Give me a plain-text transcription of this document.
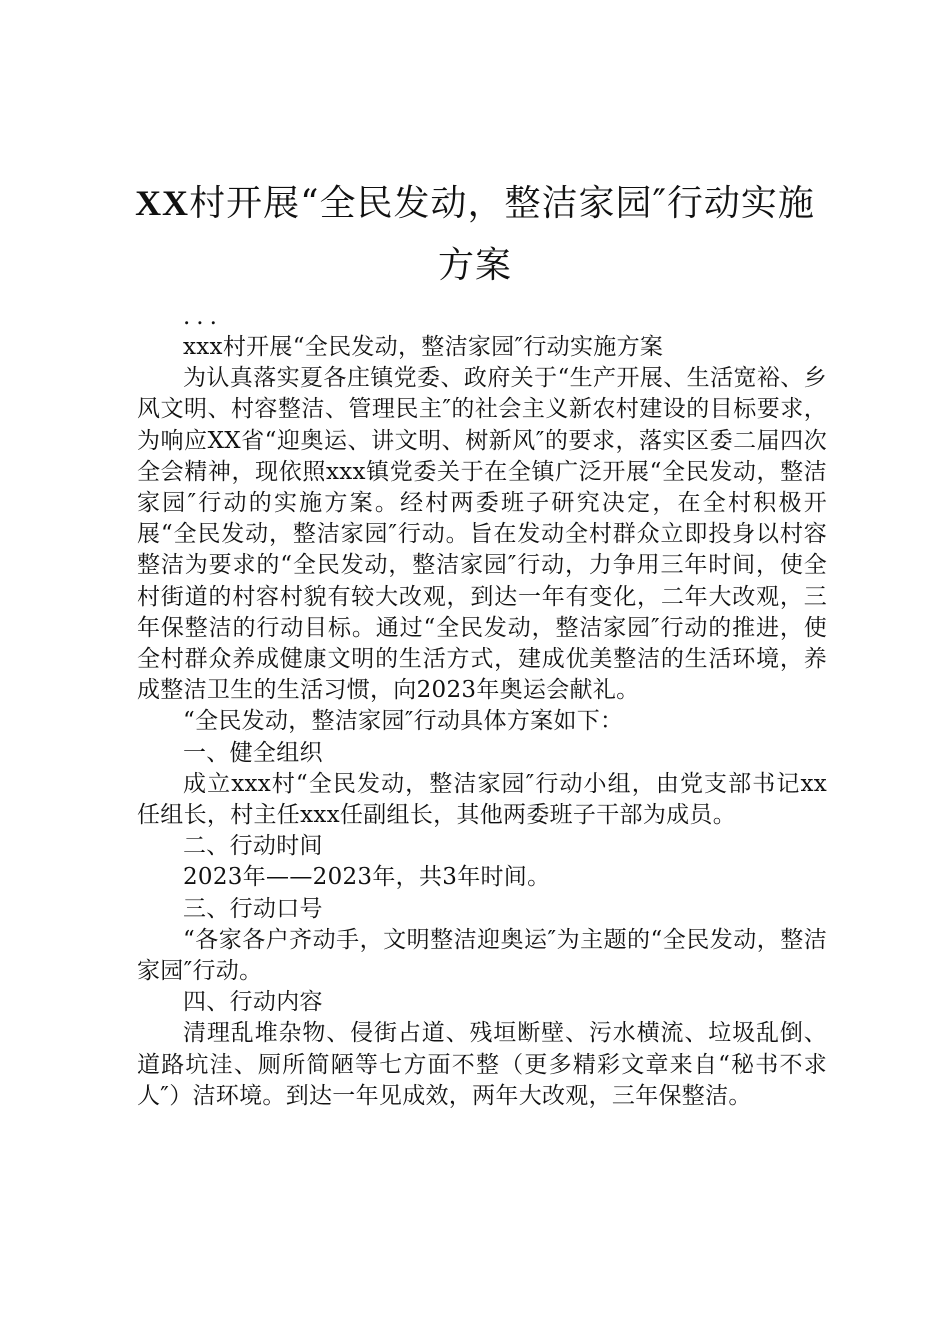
XX村开展“全民发动，整洁家园″行动实施
方案

...

xxx村开展“全民发动，整洁家园″行动实施方案

为认真落实夏各庄镇党委、政府关于“生产开展、生活宽裕、乡风文明、村容整洁、管理民主″的社会主义新农村建设的目标要求，为响应XX省“迎奥运、讲文明、树新风″的要求，落实区委二届四次全会精神，现依照xxx镇党委关于在全镇广泛开展“全民发动，整洁家园″行动的实施方案。经村两委班子研究决定，在全村积极开展“全民发动，整洁家园″行动。旨在发动全村群众立即投身以村容整洁为要求的“全民发动，整洁家园″行动，力争用三年时间，使全村街道的村容村貌有较大改观，到达一年有变化，二年大改观，三年保整洁的行动目标。通过“全民发动，整洁家园″行动的推进，使全村群众养成健康文明的生活方式，建成优美整洁的生活环境，养成整洁卫生的生活习惯，向2023年奥运会献礼。

“全民发动，整洁家园″行动具体方案如下：

一、健全组织

成立xxx村“全民发动，整洁家园″行动小组，由党支部书记xx任组长，村主任xxx任副组长，其他两委班子干部为成员。

二、行动时间

2023年——2023年，共3年时间。

三、行动口号

“各家各户齐动手，文明整洁迎奥运″为主题的“全民发动，整洁家园″行动。

四、行动内容

清理乱堆杂物、侵街占道、残垣断壁、污水横流、垃圾乱倒、道路坑洼、厕所简陋等七方面不整（更多精彩文章来自“秘书不求人″）洁环境。到达一年见成效，两年大改观，三年保整洁。
